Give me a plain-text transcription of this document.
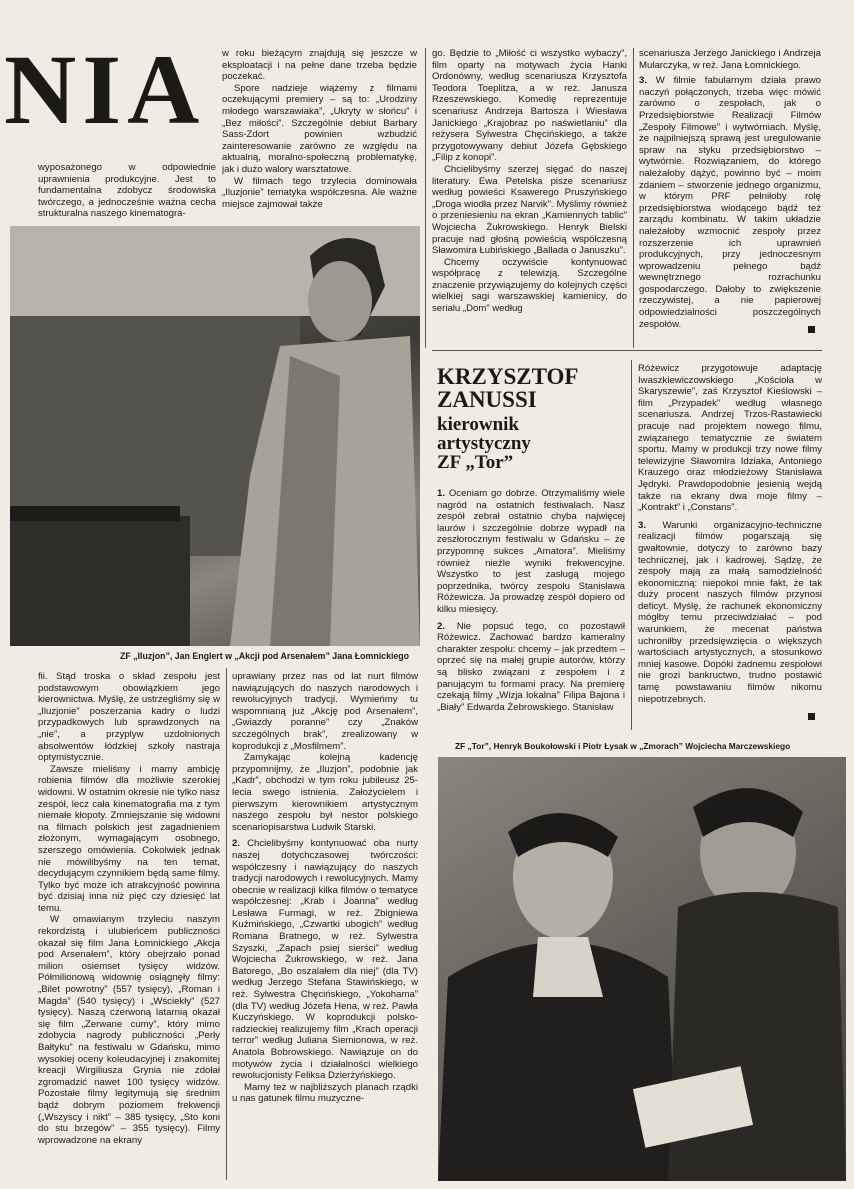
NIA

wyposażonego w odpowiednie uprawnienia produkcyjne. Jest to fundamentalna zdobycz środowiska twórczego, a jednocześnie ważna cecha strukturalna naszego kinematogra-

w roku bieżącym znajdują się jeszcze w eksploatacji i na pełne dane trzeba będzie poczekać.

Spore nadzieje wiążemy z filmami oczekującymi premiery – są to: „Urodziny młodego warszawiaka”, „Ukryty w słońcu” i „Bez miłości”. Szczególnie debiut Barbary Sass-Zdort powinien wzbudzić zainteresowanie zarówno ze względu na aktualną, moralno-społeczną problematykę, jak i dużo walory warsztatowe.

W filmach tego trzylecia dominowała „Iluzjonie” tematyka współczesna. Ale ważne miejsce zajmował także

go. Będzie to „Miłość ci wszystko wybaczy”, film oparty na motywach życia Hanki Ordonówny, według scenariusza Krzysztofa Teodora Toeplitza, a w reż. Janusza Rzeszewskiego. Komedię reprezentuje scenariusz Andrzeja Bartosza i Wiesława Janickiego „Krajobraz po naświetlaniu” dla reżysera Sylwestra Chęcińskiego, a także przygotowywany debiut Józefa Gębskiego „Filip z konopi”.

Chcielibyśmy szerzej sięgać do naszej literatury. Ewa Petelska pisze scenariusz według powieści Ksawerego Pruszyńskiego „Droga wiodła przez Narvik”. Myślimy również o przeniesieniu na ekran „Kamiennych tablic” Wojciecha Żukrowskiego. Henryk Bielski pracuje nad głośną powieścią współczesną Sławomira Łubińskiego „Ballada o Januszku”.

Chcemy oczywiście kontynuować współpracę z telewizją. Szczególne znaczenie przywiązujemy do kolejnych części wielkiej sagi warszawskiej kamienicy, do serialu „Dom” według

scenariusza Jerzego Janickiego i Andrzeja Mularczyka, w reż. Jana Łomnickiego.

3. W filmie fabularnym działa prawo naczyń połączonych, trzeba więc mówić zarówno o zespołach, jak o Przedsiębiorstwie Realizacji Filmów „Zespoły Filmowe” i wytwórniach. Myślę, że najpilniejszą sprawą jest uregulowanie spraw na styku przedsiębiorstwo – wytwórnie. Rozwiązaniem, do którego należałoby dążyć, powinno być – moim zdaniem – stworzenie jednego organizmu, w którym PRF pełniłoby rolę przedsiębiorstwa wiodącego bądź też zarządu kombinatu. W takim układzie należałoby wzmocnić zespoły przez rozszerzenie ich uprawnień produkcyjnych, przy jednoczesnym wprowadzeniu pełnego bądź wewnętrznego rozrachunku gospodarczego. Dałoby to zwiększenie rzeczywistej, a nie papierowej odpowiedzialności poszczególnych zespołów.

ZF „Iluzjon”, Jan Englert w „Akcji pod Arsenałem” Jana Łomnickiego
KRZYSZTOF
ZANUSSI
kierownik
artystyczny
ZF „Tor”

1. Oceniam go dobrze. Otrzymaliśmy wiele nagród na ostatnich festiwalach. Nasz zespół zebrał ostatnio chyba najwięcej laurów i szczególnie dobrze wypadł na zeszłorocznym festiwalu w Gdańsku – że przypomnę sukces „Amatora”. Mieliśmy również nieźle wyniki frekwencyjne. Wszystko to jest zasługą mojego poprzednika, twórcy zespołu Stanisława Różewicza. Ja prowadzę zespół dopiero od kilku miesięcy.

2. Nie popsuć tego, co pozostawił Różewicz. Zachować bardzo kameralny charakter zespołu: chcemy – jak przedtem – oprzeć się na małej grupie autorów, którzy są blisko związani z zespołem i z panującym tu formami pracy. Na premierę czekają filmy „Wizja lokalna” Filipa Bajona i „Biały” Edwarda Żebrowskiego. Stanisław

Różewicz przygotowuje adaptację Iwaszkiewiczowskiego „Kościoła w Skaryszewie”, zaś Krzysztof Kieślowski – film „Przypadek” według własnego scenariusza. Andrzej Trzos-Rastawiecki pracuje nad projektem nowego filmu, związanego tematycznie ze światem sportu. Mamy w produkcji trzy nowe filmy telewizyjne Sławomira Idziaka, Antoniego Krauzego oraz młodzieżowy Stanisława Jędryki. Prawdopodobnie jesienią wejdą także na ekrany dwa moje filmy – „Kontrakt” i „Constans”.

3. Warunki organizacyjno-techniczne realizacji filmów pogarszają się gwałtownie, dotyczy to zarówno bazy technicznej, jak i kadrowej. Sądzę, że zespoły mają za małą samodzielność ekonomiczną: niepokoi mnie fakt, że tak duży procent naszych filmów przynosi deficyt. Myślę, że rachunek ekonomiczny mógłby temu przeciwdziałać – pod warunkiem, że mecenat państwa uchroniłby przedsięwzięcia o większych wartościach artystycznych, a stosunkowo mniej kasowe. Dopóki żadnemu zespołowi nie grozi bankructwo, trudno postawić tamę powstawaniu filmów nikomu niepotrzebnych.

ZF „Tor”, Henryk Boukołowski i Piotr Łysak w „Zmorach” Wojciecha Marczewskiego

fii. Stąd troska o skład zespołu jest podstawowym obowiązkiem jego kierownictwa. Myślę, że ustrzegliśmy się w „Iluzjonie” poszerzania kadry o ludzi przypadkowych lub sprawdzonych na „nie”, a przyplyw uzdolnionych absolwentów łódzkiej szkoły nastraja optymistycznie.

Zawsze mieliśmy i mamy ambicję robienia filmów dla możliwie szerokiej widowni. W ostatnim okresie nie tylko nasz zespół, lecz cała kinematografia ma z tym niemałe kłopoty. Zmniejszanie się widowni na filmach polskich jest zagadnieniem złożonym, wymagającym osobnego, szerszego omówienia. Cokolwiek jednak nie mówilibyśmy na ten temat, decydującym czynnikiem będą same filmy. Tylko być może ich atrakcyjność powinna być dzisiaj inna niż pięć czy dziesięć lat temu.

W omawianym trzyleciu naszym rekordzistą i ulubieńcem publiczności okazał się film Jana Łomnickiego „Akcja pod Arsenałem”, który obejrzało ponad milion osiemset tysięcy widzów. Półmilionową widownię osiągnęły filmy: „Bilet powrotny” (557 tysięcy), „Roman i Magda” (540 tysięcy) i „Wściekły” (527 tysięcy). Naszą czerwoną latarnią okazał się film „Zerwane cumy”, który mimo zdobycia nagrody publiczności „Perły Bałtyku” na festiwalu w Gdańsku, mimo wysokiej oceny koleudacyjnej i znakomitej kreacji Wirgiliusza Grynia nie zdołał zgromadzić nawet 100 tysięcy widzów. Pozostałe filmy legitymują się średnim bądź dobrym poziomem frekwencji („Wszyscy i nikt” – 385 tysięcy, „Sto koni do stu brzegów” – 355 tysięcy). Filmy wprowadzone na ekrany

uprawiany przez nas od lat nurt filmów nawiązujących do naszych narodowych i rewolucyjnych tradycji. Wymieńmy tu wspomnianą już „Akcję pod Arsenałem”, „Gwiazdy poranne” czy „Znaków szczególnych brak”, zrealizowany w koprodukcji z „Mosfilmem”.

Zamykając kolejną kadencję przypomnijmy, że „Iluzjon”, podobnie jak „Kadr”, obchodzi w tym roku jubileusz 25-lecia swego istnienia. Założycielem i pierwszym kierownikiem artystycznym naszego zespołu był nestor polskiego scenariopisarstwa Ludwik Starski.

2. Chcielibyśmy kontynuować oba nurty naszej dotychczasowej twórczości: współczesny i nawiązujący do naszych tradycji narodowych i rewolucyjnych. Mamy obecnie w realizacji kilka filmów o tematyce współczesnej: „Krab i Joanna” według Lesława Furmagi, w reż. Zbigniewa Kuźmińskiego, „Czwartki ubogich” według Romana Bratnego, w reż. Sylwestra Szyszki, „Zapach psiej sierści” według Wojciecha Żukrowskiego, w reż. Jana Batorego, „Bo oszalałem dla niej” (dla TV) według Jerzego Stefana Stawińskiego, w reż. Sylwestra Chęcińskiego, „Yokohama” (dla TV) według Józefa Hena, w reż. Pawła Kuczyńskiego. W koprodukcji polsko-radzieckiej realizujemy film „Krach operacji terror” według Juliana Siemionowa, w reż. Anatola Bobrowskiego. Nawiązuje on do motywów życia i działalności wielkiego rewolucjonisty Feliksa Dzierżyńskiego.

Mamy też w najbliższych planach rządki u nas gatunek filmu muzyczne-
